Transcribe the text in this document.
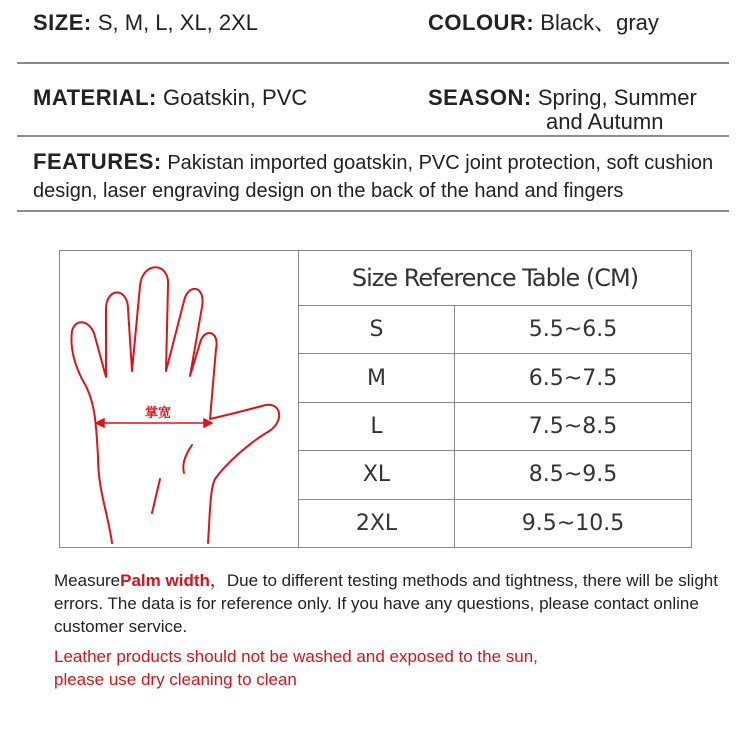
SIZE: S, M, L, XL, 2XL	COLOUR: Black、gray
MATERIAL: Goatskin, PVC	SEASON: Spring, Summer
and Autumn
FEATURES: Pakistan imported goatskin, PVC joint protection, soft cushion design, laser engraving design on the back of the hand and fingers
掌宽
Size Reference Table (CM)	
S	5.5~6.5
M	6.5~7.5
L	7.5~8.5
XL	8.5~9.5
2XL	9.5~10.5
MeasurePalm width，Due to different testing methods and tightness, there will be slight errors. The data is for reference only. If you have any questions, please contact online customer service.
Leather products should not be washed and exposed to the sun,
please use dry cleaning to clean
